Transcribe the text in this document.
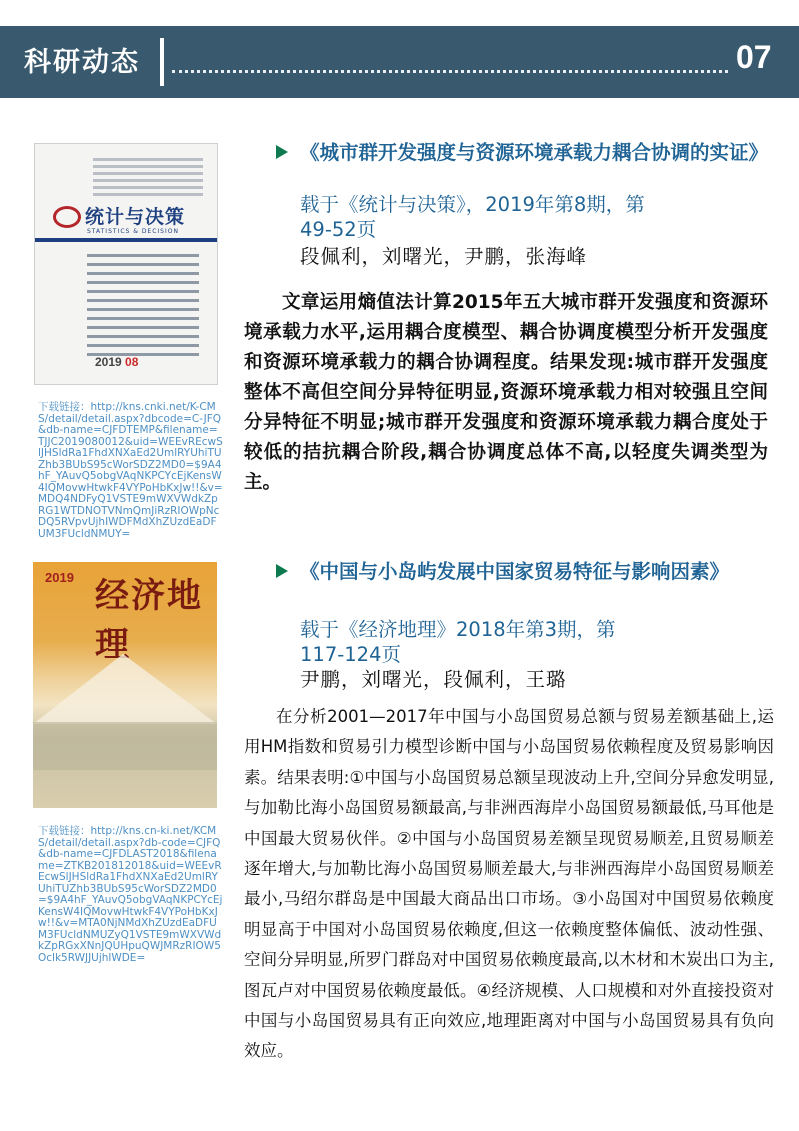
科研动态	07
统计与决策
STATISTICS & DECISION
2019 08
下载链接：http://kns.cnki.net/K-CMS/detail/detail.aspx?dbcode=C-JFQ&db-name=CJFDTEMP&filename=TJJC2019080012&uid=WEEvREcwSlJHSldRa1FhdXNXaEd2UmlRYUhiTUZhb3BUbS95cWorSDZ2MD0=$9A4hF_YAuvQ5obgVAqNKPCYcEjKensW4IQMovwHtwkF4VYPoHbKxJw!!&v=MDQ4NDFyQ1VSTE9mWXVWdkZpRG1WTDNOTVNmQmJiRzRIOWpNcDQ5RVpvUjhIWDFMdXhZUzdEaDFUM3FUcldNMUY=
《城市群开发强度与资源环境承载力耦合协调的实证》
载于《统计与决策》，2019年第8期，第49-52页
段佩利，刘曙光，尹鹏，张海峰
文章运用熵值法计算2015年五大城市群开发强度和资源环境承载力水平,运用耦合度模型、耦合协调度模型分析开发强度和资源环境承载力的耦合协调程度。结果发现:城市群开发强度整体不高但空间分异特征明显,资源环境承载力相对较强且空间分异特征不明显;城市群开发强度和资源环境承载力耦合度处于较低的拮抗耦合阶段,耦合协调度总体不高,以轻度失调类型为主。
2019 经济地理
下载链接：http://kns.cn-ki.net/KCMS/detail/detail.aspx?db-code=CJFQ&db-name=CJFDLAST2018&filename=ZTKB201812018&uid=WEEvREcwSlJHSldRa1FhdXNXaEd2UmlRYUhiTUZhb3BUbS95cWorSDZ2MD0=$9A4hF_YAuvQ5obgVAqNKPCYcEjKensW4IQMovwHtwkF4VYPoHbKxJw!!&v=MTA0NjNMdXhZUzdEaDFUM3FUcldNMUZyQ1VSTE9mWXVWdkZpRGxXNnJQUHpuQWJMRzRIOW5Oclk5RWJJUjhlWDE=
《中国与小岛屿发展中国家贸易特征与影响因素》
载于《经济地理》2018年第3期，第117-124页
尹鹏，刘曙光，段佩利，王璐
在分析2001—2017年中国与小岛国贸易总额与贸易差额基础上,运用HM指数和贸易引力模型诊断中国与小岛国贸易依赖程度及贸易影响因素。结果表明:①中国与小岛国贸易总额呈现波动上升,空间分异愈发明显,与加勒比海小岛国贸易额最高,与非洲西海岸小岛国贸易额最低,马耳他是中国最大贸易伙伴。②中国与小岛国贸易差额呈现贸易顺差,且贸易顺差逐年增大,与加勒比海小岛国贸易顺差最大,与非洲西海岸小岛国贸易顺差最小,马绍尔群岛是中国最大商品出口市场。③小岛国对中国贸易依赖度明显高于中国对小岛国贸易依赖度,但这一依赖度整体偏低、波动性强、空间分异明显,所罗门群岛对中国贸易依赖度最高,以木材和木炭出口为主,图瓦卢对中国贸易依赖度最低。④经济规模、人口规模和对外直接投资对中国与小岛国贸易具有正向效应,地理距离对中国与小岛国贸易具有负向效应。
